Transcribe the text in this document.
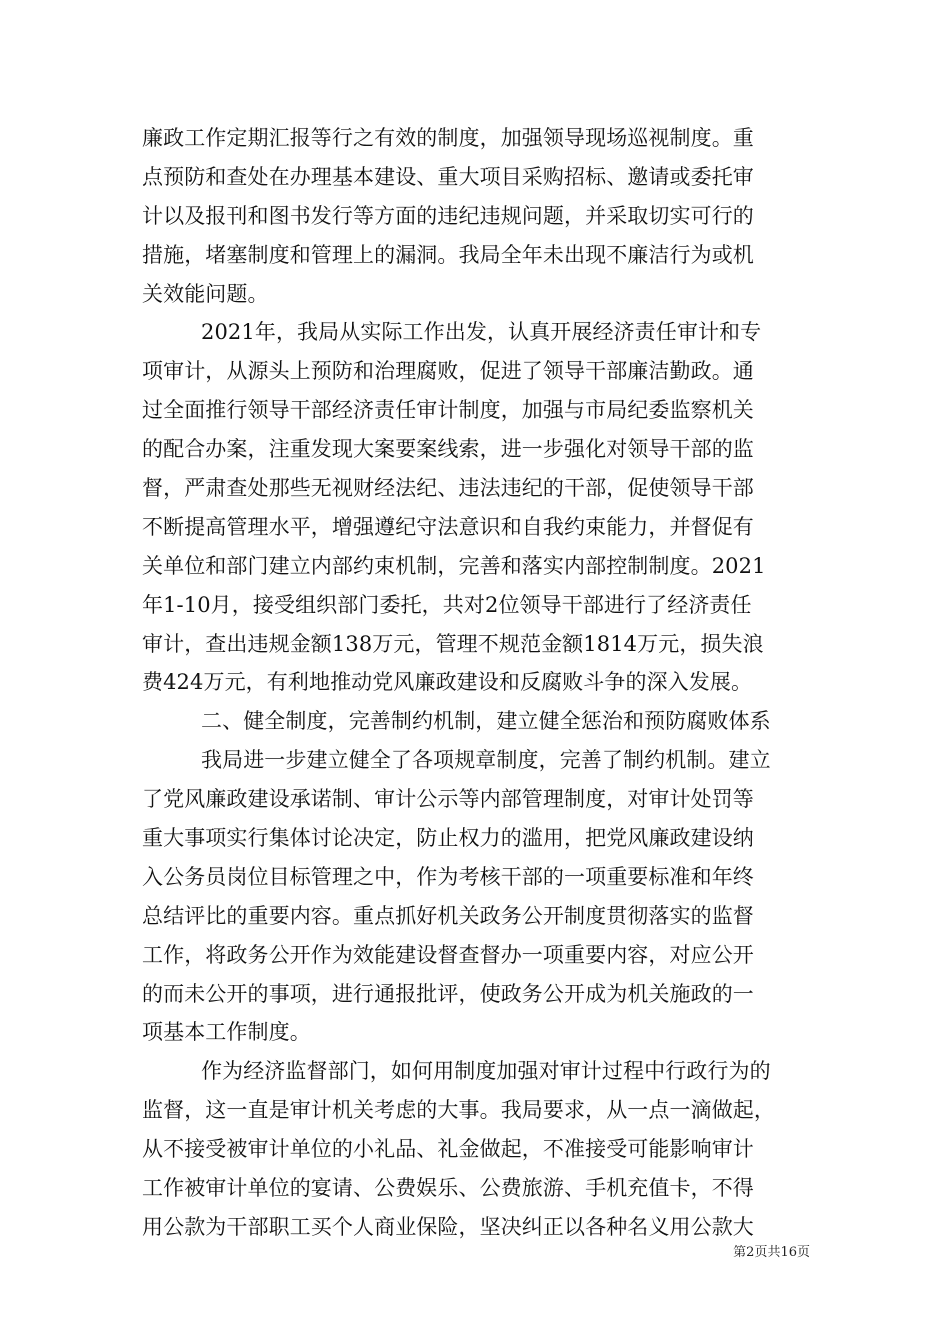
廉政工作定期汇报等行之有效的制度，加强领导现场巡视制度。重
点预防和查处在办理基本建设、重大项目采购招标、邀请或委托审
计以及报刊和图书发行等方面的违纪违规问题，并采取切实可行的
措施，堵塞制度和管理上的漏洞。我局全年未出现不廉洁行为或机
关效能问题。
2021年，我局从实际工作出发，认真开展经济责任审计和专
项审计，从源头上预防和治理腐败，促进了领导干部廉洁勤政。通
过全面推行领导干部经济责任审计制度，加强与市局纪委监察机关
的配合办案，注重发现大案要案线索，进一步强化对领导干部的监
督，严肃查处那些无视财经法纪、违法违纪的干部，促使领导干部
不断提高管理水平，增强遵纪守法意识和自我约束能力，并督促有
关单位和部门建立内部约束机制，完善和落实内部控制制度。2021
年1-10月，接受组织部门委托，共对2位领导干部进行了经济责任
审计，查出违规金额138万元，管理不规范金额1814万元，损失浪
费424万元，有利地推动党风廉政建设和反腐败斗争的深入发展。
二、健全制度，完善制约机制，建立健全惩治和预防腐败体系
我局进一步建立健全了各项规章制度，完善了制约机制。建立
了党风廉政建设承诺制、审计公示等内部管理制度，对审计处罚等
重大事项实行集体讨论决定，防止权力的滥用，把党风廉政建设纳
入公务员岗位目标管理之中，作为考核干部的一项重要标准和年终
总结评比的重要内容。重点抓好机关政务公开制度贯彻落实的监督
工作，将政务公开作为效能建设督查督办一项重要内容，对应公开
的而未公开的事项，进行通报批评，使政务公开成为机关施政的一
项基本工作制度。
作为经济监督部门，如何用制度加强对审计过程中行政行为的
监督，这一直是审计机关考虑的大事。我局要求，从一点一滴做起，
从不接受被审计单位的小礼品、礼金做起，不准接受可能影响审计
工作被审计单位的宴请、公费娱乐、公费旅游、手机充值卡，不得
用公款为干部职工买个人商业保险，坚决纠正以各种名义用公款大
第2页共16页
